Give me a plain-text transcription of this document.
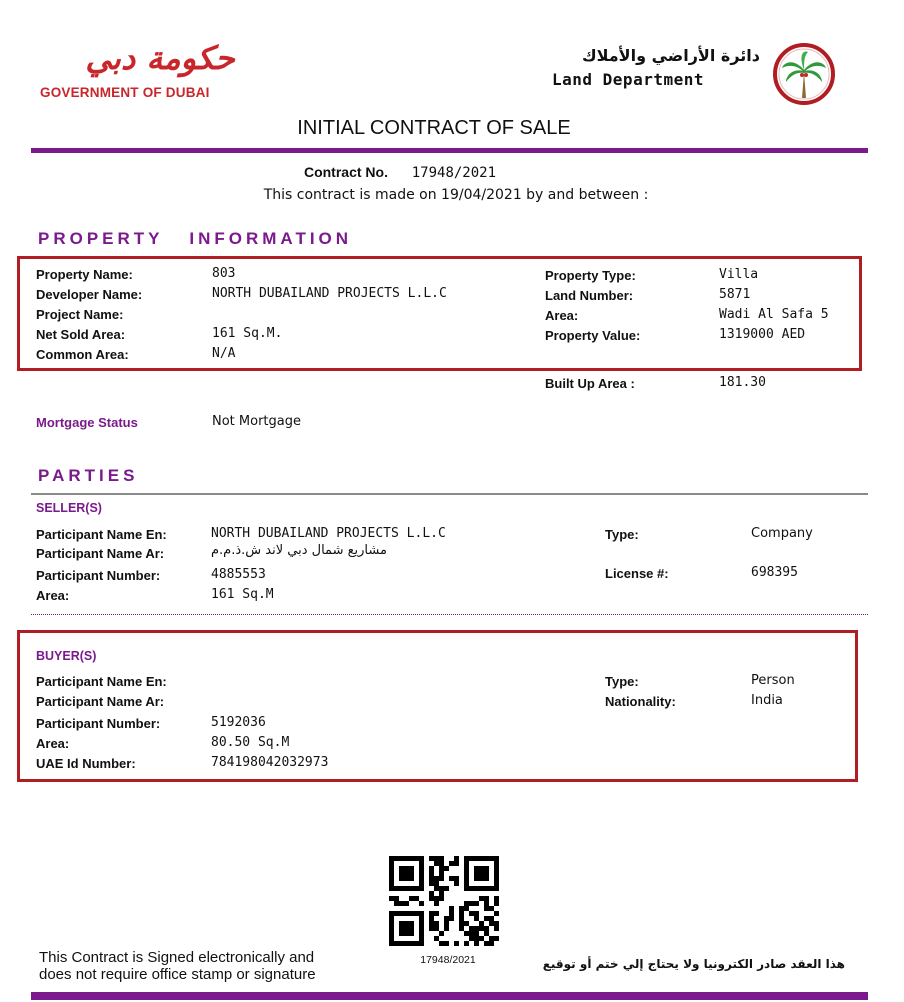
حكومة دبي
GOVERNMENT OF DUBAI
دائرة الأراضي والأملاك
Land Department
INITIAL CONTRACT OF SALE
Contract No. 17948/2021
This contract is made on 19/04/2021 by and between :
PROPERTY   INFORMATION
Property Name:	803
Developer Name:	NORTH DUBAILAND PROJECTS L.L.C
Project Name:
Net Sold Area:	161 Sq.M.
Common Area:	N/A
Property Type:	Villa
Land Number:	5871
Area:	Wadi Al Safa 5
Property Value:	1319000 AED
Built Up Area :	181.30
Mortgage Status	Not Mortgage
PARTIES
SELLER(S)
Participant Name En:	NORTH DUBAILAND PROJECTS L.L.C
Participant Name Ar:	مشاريع شمال دبي لاند ش.ذ.م.م
Participant Number:	4885553
Area:	161 Sq.M
Type:	Company
License #:	698395
BUYER(S)
Participant Name En:
Participant Name Ar:
Participant Number:	5192036
Area:	80.50 Sq.M
UAE Id Number:	784198042032973
Type:	Person
Nationality:	India
17948/2021
This Contract is Signed electronically and
does not require office stamp or signature
هذا العقد صادر الكترونيا ولا يحتاج إلي ختم أو توقيع
